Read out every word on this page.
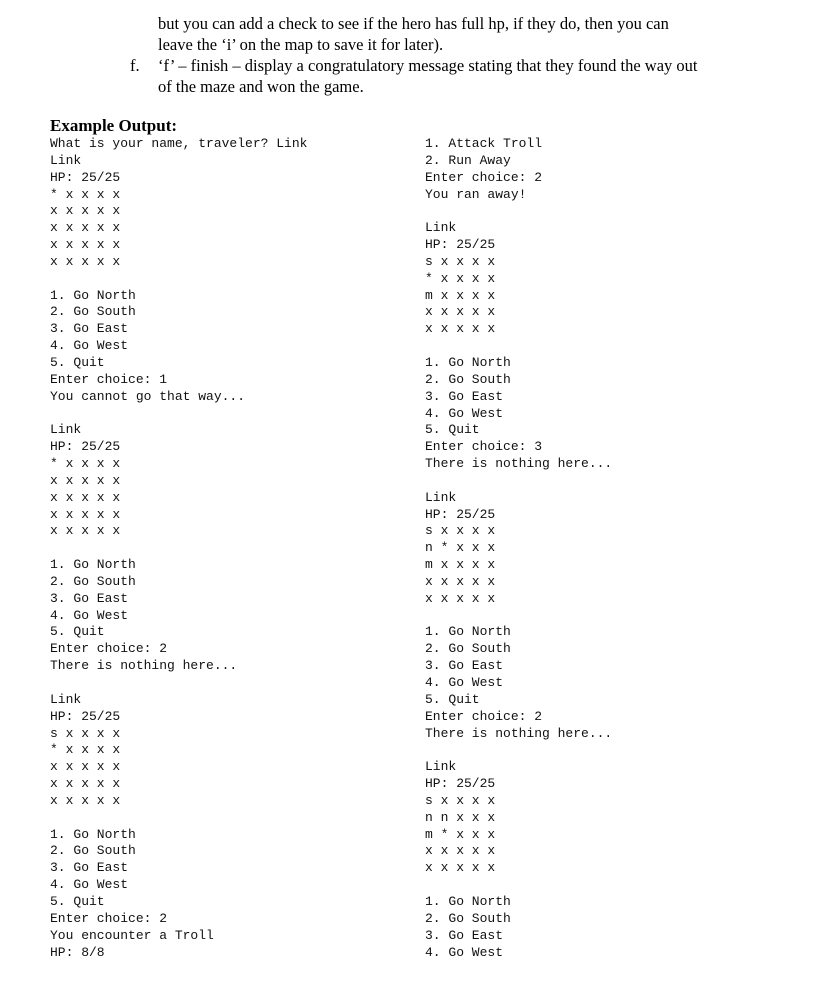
but you can add a check to see if the hero has full hp, if they do, then you can
leave the ‘i’ on the map to save it for later).
f. ‘f’ – finish – display a congratulatory message stating that they found the way out
of the maze and won the game.
Example Output:
What is your name, traveler? Link
Link
HP: 25/25
* x x x x
x x x x x
x x x x x
x x x x x
x x x x x

1. Go North
2. Go South
3. Go East
4. Go West
5. Quit
Enter choice: 1
You cannot go that way...

Link
HP: 25/25
* x x x x
x x x x x
x x x x x
x x x x x
x x x x x

1. Go North
2. Go South
3. Go East
4. Go West
5. Quit
Enter choice: 2
There is nothing here...

Link
HP: 25/25
s x x x x
* x x x x
x x x x x
x x x x x
x x x x x

1. Go North
2. Go South
3. Go East
4. Go West
5. Quit
Enter choice: 2
You encounter a Troll
HP: 8/8
1. Attack Troll
2. Run Away
Enter choice: 2
You ran away!

Link
HP: 25/25
s x x x x
* x x x x
m x x x x
x x x x x
x x x x x

1. Go North
2. Go South
3. Go East
4. Go West
5. Quit
Enter choice: 3
There is nothing here...

Link
HP: 25/25
s x x x x
n * x x x
m x x x x
x x x x x
x x x x x

1. Go North
2. Go South
3. Go East
4. Go West
5. Quit
Enter choice: 2
There is nothing here...

Link
HP: 25/25
s x x x x
n n x x x
m * x x x
x x x x x
x x x x x

1. Go North
2. Go South
3. Go East
4. Go West
